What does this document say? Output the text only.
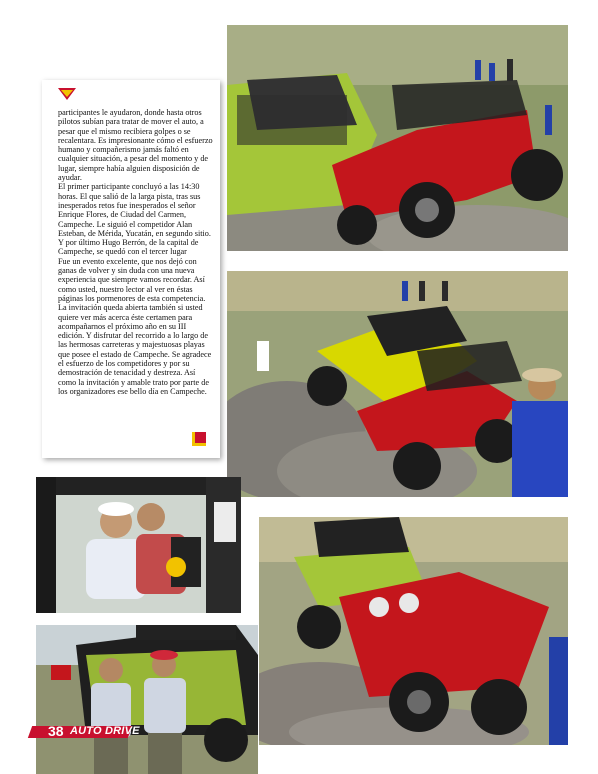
participantes le ayudaron, donde hasta otros pilotos subían para tratar de mover el auto, a pesar que el mismo recibiera golpes o se recalentara. Es impresionante cómo el esfuerzo humano y compañerismo jamás faltó en cualquier situación, a pesar del momento y de lugar, siempre había alguien disposición de ayudar.

El primer participante concluyó a las 14:30 horas. El que salió de la larga pista, tras sus inesperados retos fue inesperados el señor Enrique Flores, de Ciudad del Carmen, Campeche. Le siguió el competidor Alan Esteban, de Mérida, Yucatán, en segundo sitio. Y por último Hugo Berrón, de la capital de Campeche, se quedó con el tercer lugar

Fue un evento excelente, que nos dejó con ganas de volver y sin duda con una nueva experiencia que siempre vamos recordar. Así como usted, nuestro lector al ver en éstas páginas los pormenores de esta competencia.

La invitación queda abierta también si usted quiere ver más acerca éste certamen para acompañarnos el próximo año en su III edición. Y disfrutar del recorrido a lo largo de las hermosas carreteras y majestuosas playas que posee el estado de Campeche. Se agradece el esfuerzo de los competidores y por su demostración de tenacidad y destreza. Así como la invitación y amable trato por parte de los organizadores ese bello día en Campeche.

38 AUTO DRIVE
